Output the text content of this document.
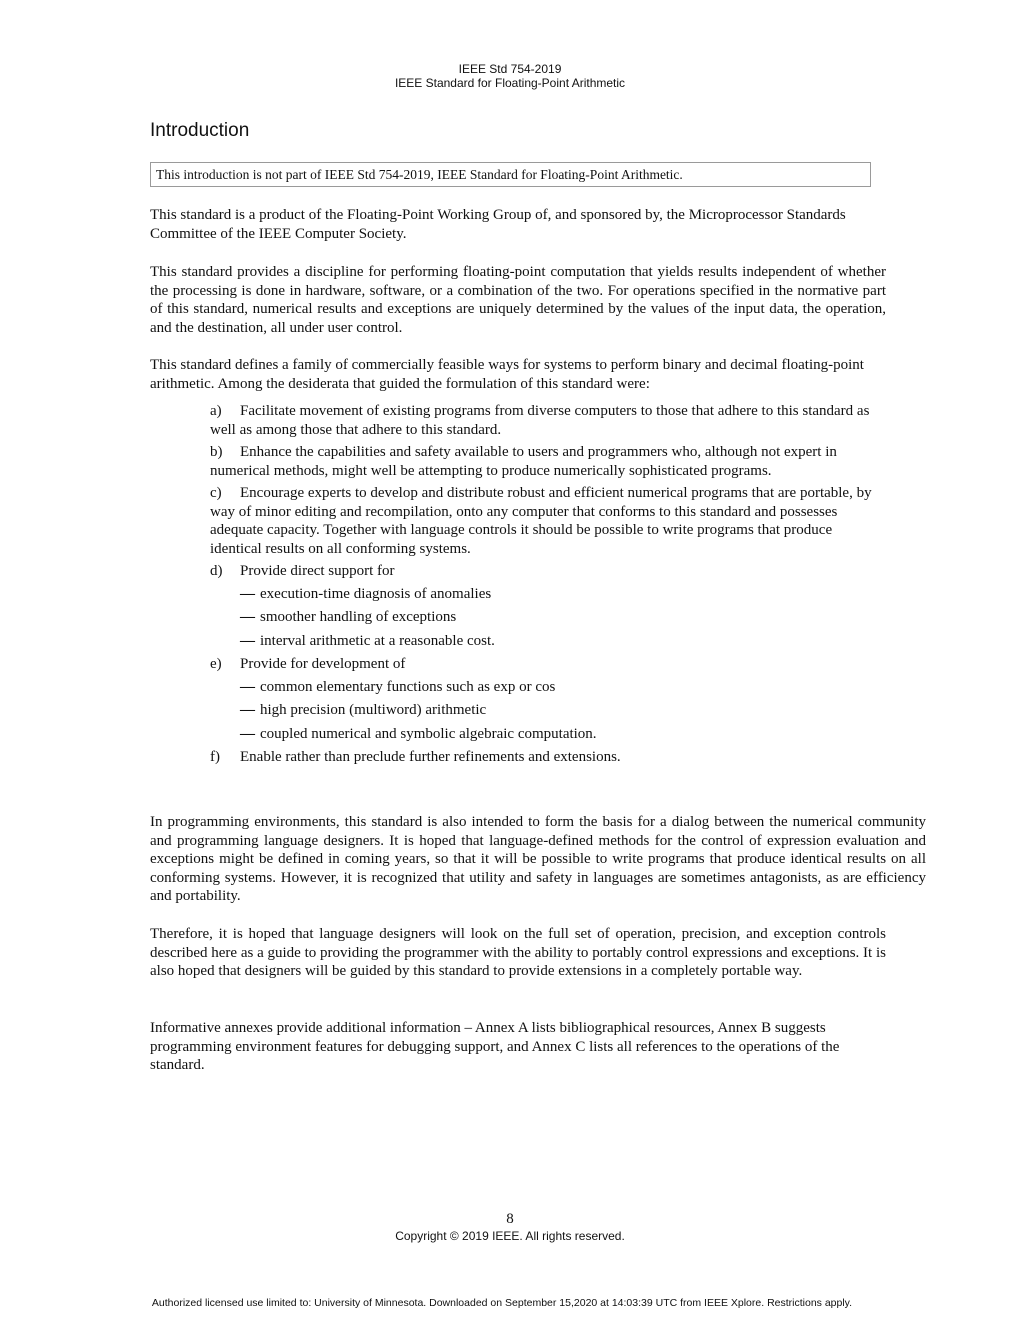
IEEE Std 754-2019
IEEE Standard for Floating-Point Arithmetic
Introduction
This introduction is not part of IEEE Std 754-2019, IEEE Standard for Floating-Point Arithmetic.

This standard is a product of the Floating-Point Working Group of, and sponsored by, the Microprocessor Standards Committee of the IEEE Computer Society.

This standard provides a discipline for performing floating-point computation that yields results independent of whether the processing is done in hardware, software, or a combination of the two. For operations specified in the normative part of this standard, numerical results and exceptions are uniquely determined by the values of the input data, the operation, and the destination, all under user control.

This standard defines a family of commercially feasible ways for systems to perform binary and decimal floating-point arithmetic. Among the desiderata that guided the formulation of this standard were:

a) Facilitate movement of existing programs from diverse computers to those that adhere to this standard as well as among those that adhere to this standard.
b) Enhance the capabilities and safety available to users and programmers who, although not expert in numerical methods, might well be attempting to produce numerically sophisticated programs.
c) Encourage experts to develop and distribute robust and efficient numerical programs that are portable, by way of minor editing and recompilation, onto any computer that conforms to this standard and possesses adequate capacity. Together with language controls it should be possible to write programs that produce identical results on all conforming systems.
d) Provide direct support for
— execution-time diagnosis of anomalies
— smoother handling of exceptions
— interval arithmetic at a reasonable cost.
e) Provide for development of
— common elementary functions such as exp or cos
— high precision (multiword) arithmetic
— coupled numerical and symbolic algebraic computation.
f) Enable rather than preclude further refinements and extensions.

In programming environments, this standard is also intended to form the basis for a dialog between the numerical community and programming language designers. It is hoped that language-defined methods for the control of expression evaluation and exceptions might be defined in coming years, so that it will be possible to write programs that produce identical results on all conforming systems. However, it is recognized that utility and safety in languages are sometimes antagonists, as are efficiency and portability.

Therefore, it is hoped that language designers will look on the full set of operation, precision, and exception controls described here as a guide to providing the programmer with the ability to portably control expressions and exceptions. It is also hoped that designers will be guided by this standard to provide extensions in a completely portable way.

Informative annexes provide additional information – Annex A lists bibliographical resources, Annex B suggests programming environment features for debugging support, and Annex C lists all references to the operations of the standard.

8
Copyright © 2019 IEEE. All rights reserved.
Authorized licensed use limited to: University of Minnesota. Downloaded on September 15,2020 at 14:03:39 UTC from IEEE Xplore. Restrictions apply.
